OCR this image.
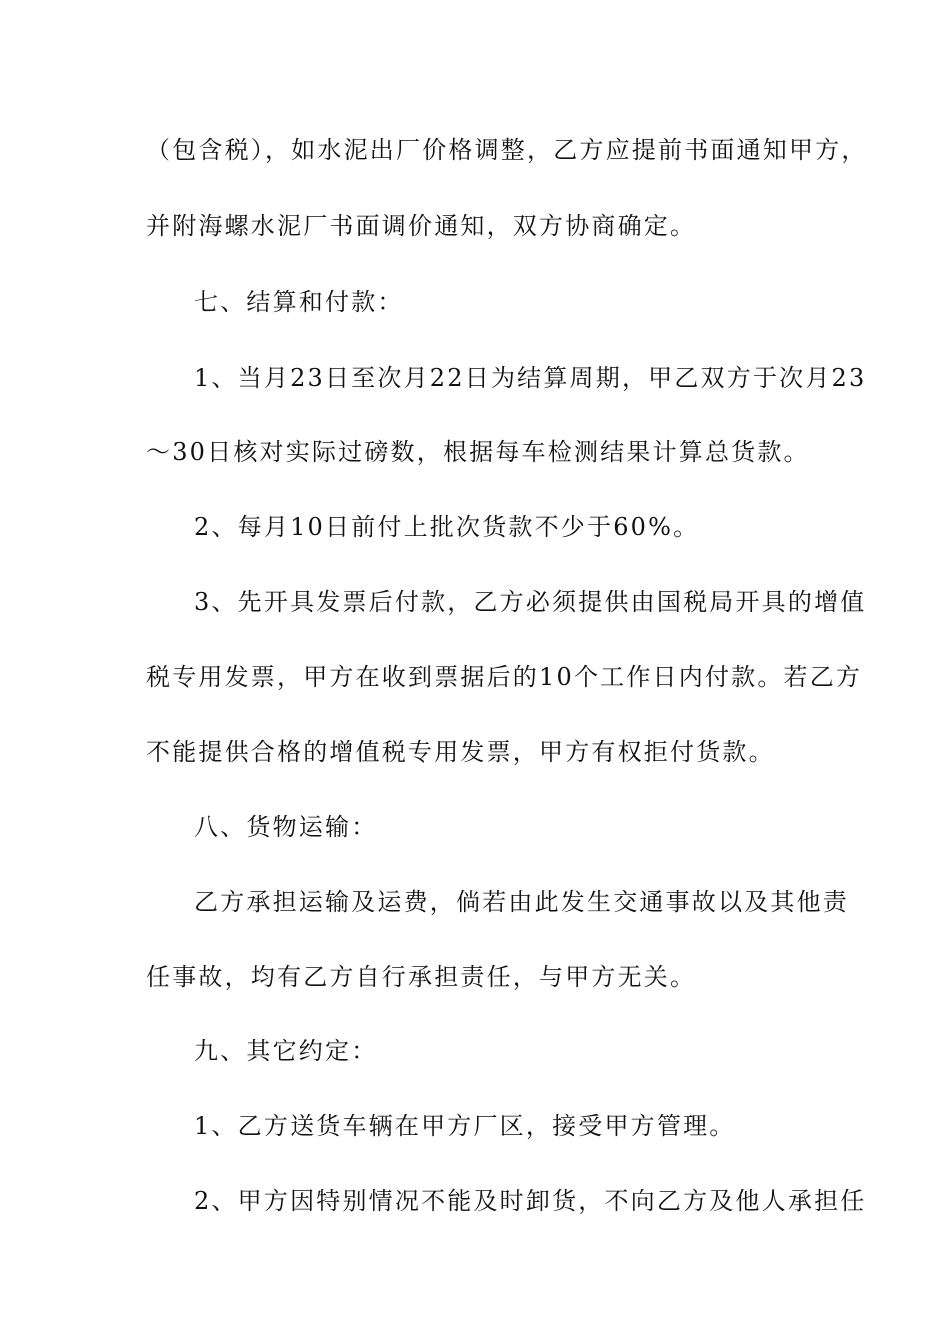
（包含税），如水泥出厂价格调整，乙方应提前书面通知甲方，
并附海螺水泥厂书面调价通知，双方协商确定。
七、结算和付款：
1、当月23日至次月22日为结算周期，甲乙双方于次月23
～30日核对实际过磅数，根据每车检测结果计算总货款。
2、每月10日前付上批次货款不少于60%。
3、先开具发票后付款，乙方必须提供由国税局开具的增值
税专用发票，甲方在收到票据后的10个工作日内付款。若乙方
不能提供合格的增值税专用发票，甲方有权拒付货款。
八、货物运输：
乙方承担运输及运费，倘若由此发生交通事故以及其他责
任事故，均有乙方自行承担责任，与甲方无关。
九、其它约定：
1、乙方送货车辆在甲方厂区，接受甲方管理。
2、甲方因特别情况不能及时卸货，不向乙方及他人承担任
